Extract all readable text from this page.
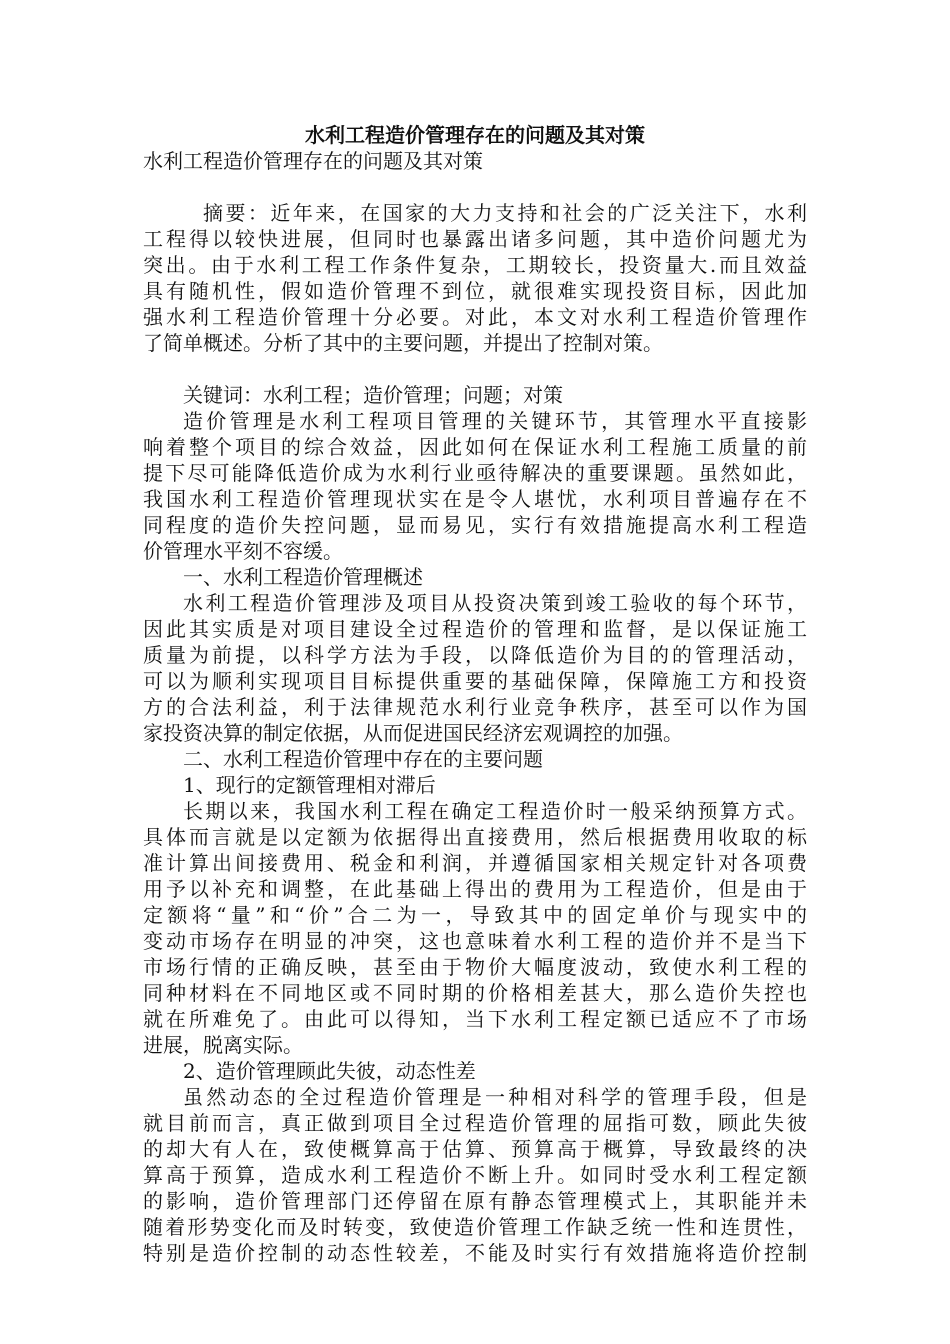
水利工程造价管理存在的问题及其对策

水利工程造价管理存在的问题及其对策

摘要：近年来，在国家的大力支持和社会的广泛关注下，水利
工程得以较快进展，但同时也暴露出诸多问题，其中造价问题尤为
突出。由于水利工程工作条件复杂，工期较长，投资量大.而且效益
具有随机性，假如造价管理不到位，就很难实现投资目标，因此加
强水利工程造价管理十分必要。对此，本文对水利工程造价管理作
了简单概述。分析了其中的主要问题，并提出了控制对策。
关键词：水利工程；造价管理；问题；对策
造价管理是水利工程项目管理的关键环节，其管理水平直接影
响着整个项目的综合效益，因此如何在保证水利工程施工质量的前
提下尽可能降低造价成为水利行业亟待解决的重要课题。虽然如此，
我国水利工程造价管理现状实在是令人堪忧，水利项目普遍存在不
同程度的造价失控问题，显而易见，实行有效措施提高水利工程造
价管理水平刻不容缓。
一、水利工程造价管理概述
水利工程造价管理涉及项目从投资决策到竣工验收的每个环节，
因此其实质是对项目建设全过程造价的管理和监督，是以保证施工
质量为前提，以科学方法为手段，以降低造价为目的的管理活动，
可以为顺利实现项目目标提供重要的基础保障，保障施工方和投资
方的合法利益，利于法律规范水利行业竞争秩序，甚至可以作为国
家投资决算的制定依据，从而促进国民经济宏观调控的加强。
二、水利工程造价管理中存在的主要问题
1、现行的定额管理相对滞后
长期以来，我国水利工程在确定工程造价时一般采纳预算方式。
具体而言就是以定额为依据得出直接费用，然后根据费用收取的标
准计算出间接费用、税金和利润，并遵循国家相关规定针对各项费
用予以补充和调整，在此基础上得出的费用为工程造价，但是由于
定额将“量”和“价”合二为一，导致其中的固定单价与现实中的
变动市场存在明显的冲突，这也意味着水利工程的造价并不是当下
市场行情的正确反映，甚至由于物价大幅度波动，致使水利工程的
同种材料在不同地区或不同时期的价格相差甚大，那么造价失控也
就在所难免了。由此可以得知，当下水利工程定额已适应不了市场
进展，脱离实际。
2、造价管理顾此失彼，动态性差
虽然动态的全过程造价管理是一种相对科学的管理手段，但是
就目前而言，真正做到项目全过程造价管理的屈指可数，顾此失彼
的却大有人在，致使概算高于估算、预算高于概算，导致最终的决
算高于预算，造成水利工程造价不断上升。如同时受水利工程定额
的影响，造价管理部门还停留在原有静态管理模式上，其职能并未
随着形势变化而及时转变，致使造价管理工作缺乏统一性和连贯性，
特别是造价控制的动态性较差，不能及时实行有效措施将造价控制
